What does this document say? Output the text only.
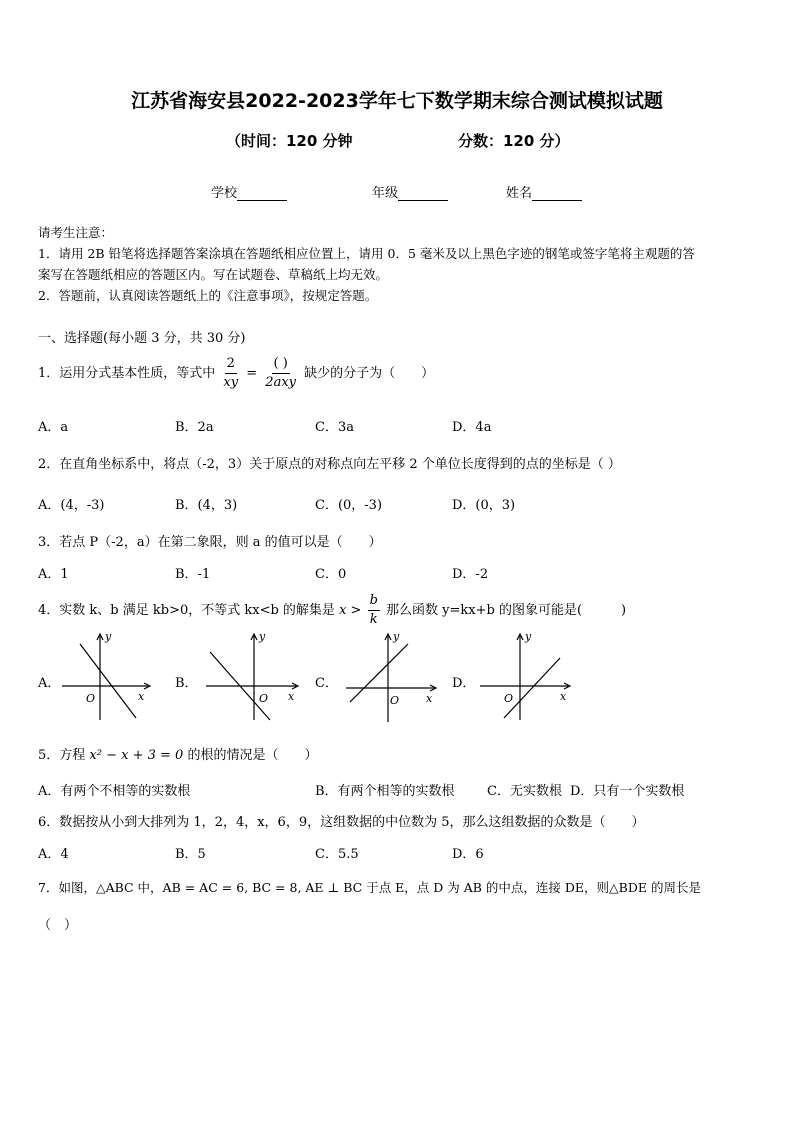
江苏省海安县2022-2023学年七下数学期末综合测试模拟试题
（时间：120 分钟	分数：120 分）
学校	年级	姓名
请考生注意：
1．请用 2B 铅笔将选择题答案涂填在答题纸相应位置上，请用 0．5 毫米及以上黑色字迹的钢笔或签字笔将主观题的答
案写在答题纸相应的答题区内。写在试题卷、草稿纸上均无效。
2．答题前，认真阅读答题纸上的《注意事项》，按规定答题。
一、选择题(每小题 3 分，共 30 分)
1．运用分式基本性质，等式中 $\frac{2}{xy} = \frac{( )}{\text{2axy}}$ 缺少的分子为（　　）
A．a	B．2a	C．3a	D．4a
2．在直角坐标系中，将点（-2，3）关于原点的对称点向左平移 2 个单位长度得到的点的坐标是（ ）
A．(4，-3)	B．(4，3)	C．(0，-3)	D．(0，3)
3．若点 P（-2，a）在第二象限，则 a 的值可以是（　　）
A．1	B．-1	C．0	D．-2
4．实数 k、b 满足 kb>0，不等式 kx<b 的解集是 $x > \frac{b}{k}$ 那么函数 y=kx+b 的图象可能是(　　　)
A．	B．	C．	D．
y
x
O
y
x
O
y
x
O
y
x
O
5．方程 x² − x + 3 = 0 的根的情况是（　　）
A．有两个不相等的实数根	B．有两个相等的实数根 C．无实数根 D．只有一个实数根
6．数据按从小到大排列为 1，2，4，x，6，9，这组数据的中位数为 5，那么这组数据的众数是（　　）
A．4	B．5	C．5.5	D．6
7．如图，△ABC 中，AB = AC = 6, BC = 8, AE ⊥ BC 于点 E，点 D 为 AB 的中点，连接 DE，则△BDE 的周长是
（　）
